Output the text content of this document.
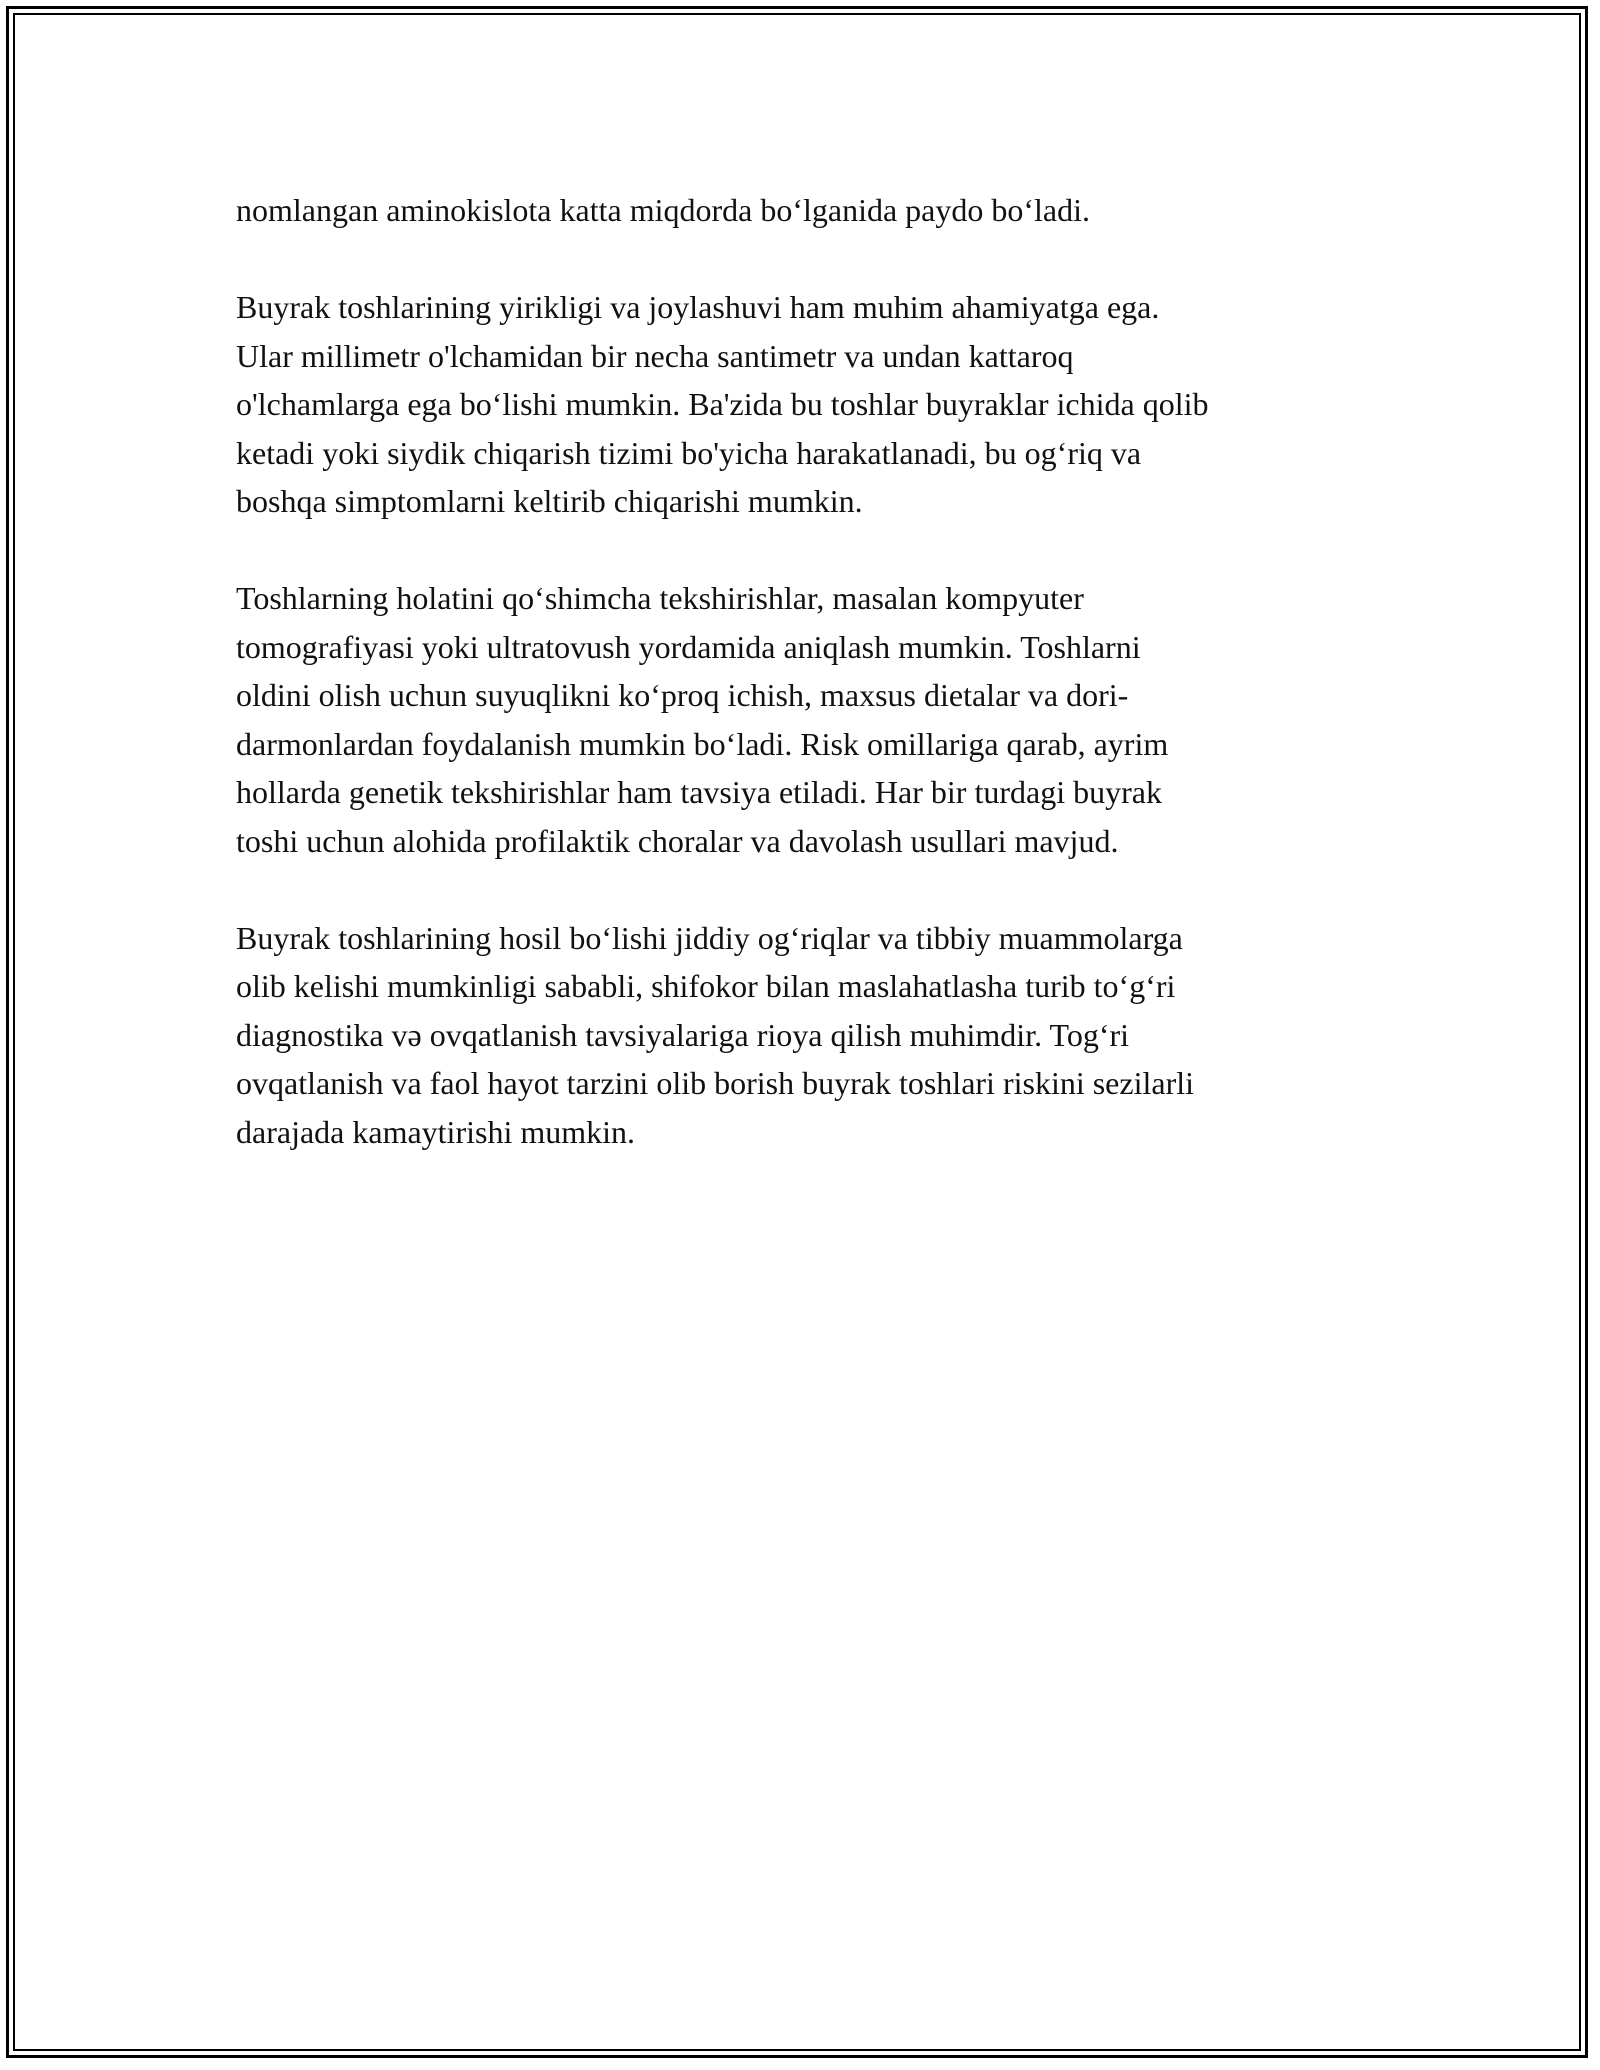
nomlangan aminokislota katta miqdorda boʻlganida paydo boʻladi.

Buyrak toshlarining yirikligi va joylashuvi ham muhim ahamiyatga ega.
Ular millimetr o'lchamidan bir necha santimetr va undan kattaroq
o'lchamlarga ega boʻlishi mumkin. Ba'zida bu toshlar buyraklar ichida qolib
ketadi yoki siydik chiqarish tizimi bo'yicha harakatlanadi, bu ogʻriq va
boshqa simptomlarni keltirib chiqarishi mumkin.

Toshlarning holatini qoʻshimcha tekshirishlar, masalan kompyuter
tomografiyasi yoki ultratovush yordamida aniqlash mumkin. Toshlarni
oldini olish uchun suyuqlikni koʻproq ichish, maxsus dietalar va dori-
darmonlardan foydalanish mumkin boʻladi. Risk omillariga qarab, ayrim
hollarda genetik tekshirishlar ham tavsiya etiladi. Har bir turdagi buyrak
toshi uchun alohida profilaktik choralar va davolash usullari mavjud.

Buyrak toshlarining hosil boʻlishi jiddiy ogʻriqlar va tibbiy muammolarga
olib kelishi mumkinligi sababli, shifokor bilan maslahatlasha turib toʻgʻri
diagnostika və ovqatlanish tavsiyalariga rioya qilish muhimdir. Togʻri
ovqatlanish va faol hayot tarzini olib borish buyrak toshlari riskini sezilarli
darajada kamaytirishi mumkin.
